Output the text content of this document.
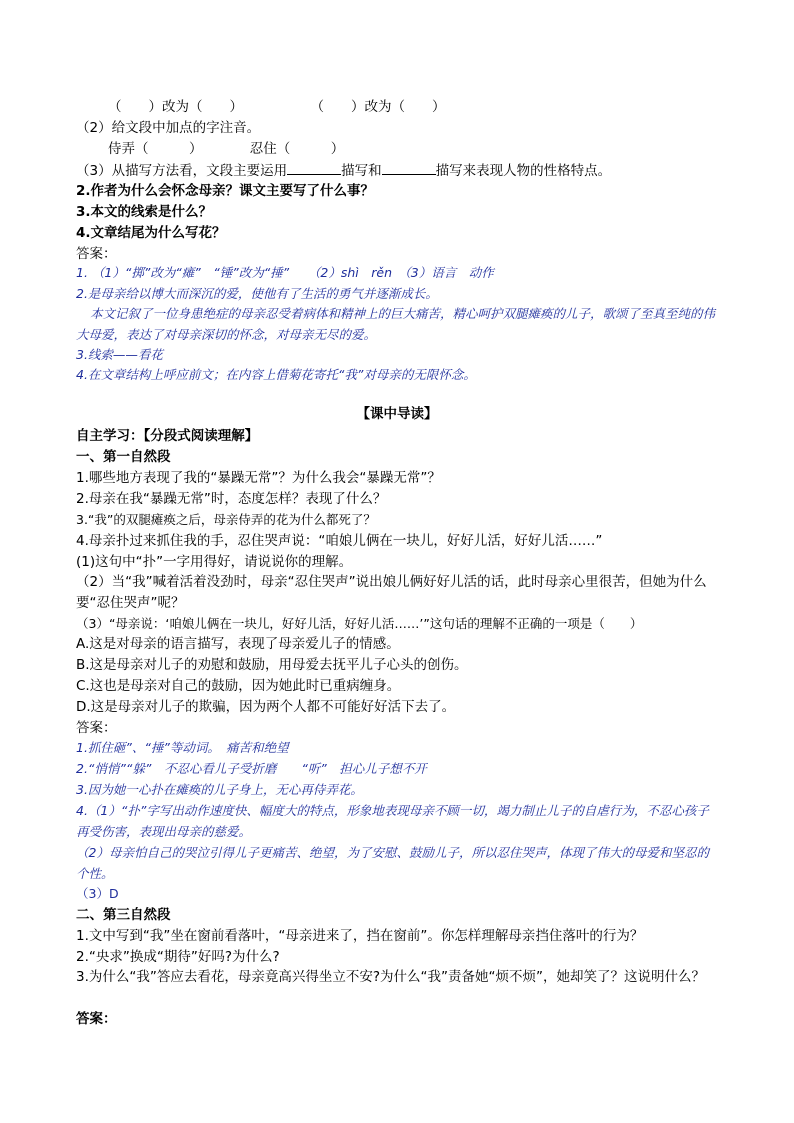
（　　）改为（　　）　　　　　　（　　）改为（　　）
（2）给文段中加点的字注音。
侍弄（　　　）　　　　忍住（　　　）
（3）从描写方法看，文段主要运用	描写和	描写来表现人物的性格特点。
2.作者为什么会怀念母亲？课文主要写了什么事？
3.本文的线索是什么？
4.文章结尾为什么写花？
答案：
1. （1）“掷”改为“瘫”　“锤”改为“捶”　　（2）shì　rěn　（3）语言　动作
2.是母亲给以博大而深沉的爱，使他有了生活的勇气并逐渐成长。
本文记叙了一位身患绝症的母亲忍受着病体和精神上的巨大痛苦，精心呵护双腿瘫痪的儿子，歌颂了至真至纯的伟大母爱，表达了对母亲深切的怀念，对母亲无尽的爱。
3.线索——看花
4.在文章结构上呼应前文；在内容上借菊花寄托“我”对母亲的无限怀念。
【课中导读】
自主学习：【分段式阅读理解】
一、第一自然段
1.哪些地方表现了我的“暴躁无常”？为什么我会“暴躁无常”？
2.母亲在我“暴躁无常”时，态度怎样？表现了什么？
3.“我”的双腿瘫痪之后，母亲侍弄的花为什么都死了？
4.母亲扑过来抓住我的手，忍住哭声说：“咱娘儿俩在一块儿，好好儿活，好好儿活……”
(1)这句中“扑”一字用得好，请说说你的理解。
（2）当“我”喊着活着没劲时，母亲“忍住哭声”说出娘儿俩好好儿活的话，此时母亲心里很苦，但她为什么要“忍住哭声”呢？
（3）“母亲说：‘咱娘儿俩在一块儿，好好儿活，好好儿活……’”这句话的理解不正确的一项是（　　）
A.这是对母亲的语言描写，表现了母亲爱儿子的情感。
B.这是母亲对儿子的劝慰和鼓励，用母爱去抚平儿子心头的创伤。
C.这也是母亲对自己的鼓励，因为她此时已重病缠身。
D.这是母亲对儿子的欺骗，因为两个人都不可能好好活下去了。
答案：
1.抓住砸”、“捶”等动词。　痛苦和绝望
2.“悄悄”“躲”　不忍心看儿子受折磨　　“听”　担心儿子想不开
3.因为她一心扑在瘫痪的儿子身上，无心再侍弄花。
4.（1）“扑”字写出动作速度快、幅度大的特点，形象地表现母亲不顾一切，竭力制止儿子的自虐行为，不忍心孩子再受伤害，表现出母亲的慈爱。
（2）母亲怕自己的哭泣引得儿子更痛苦、绝望，为了安慰、鼓励儿子，所以忍住哭声，体现了伟大的母爱和坚忍的个性。
（3）D
二、第三自然段
1.文中写到“我”坐在窗前看落叶，“母亲进来了，挡在窗前”。你怎样理解母亲挡住落叶的行为？
2.“央求”换成“期待”好吗?为什么?
3.为什么“我”答应去看花，母亲竟高兴得坐立不安?为什么“我”责备她“烦不烦”，她却笑了？这说明什么？
答案：
